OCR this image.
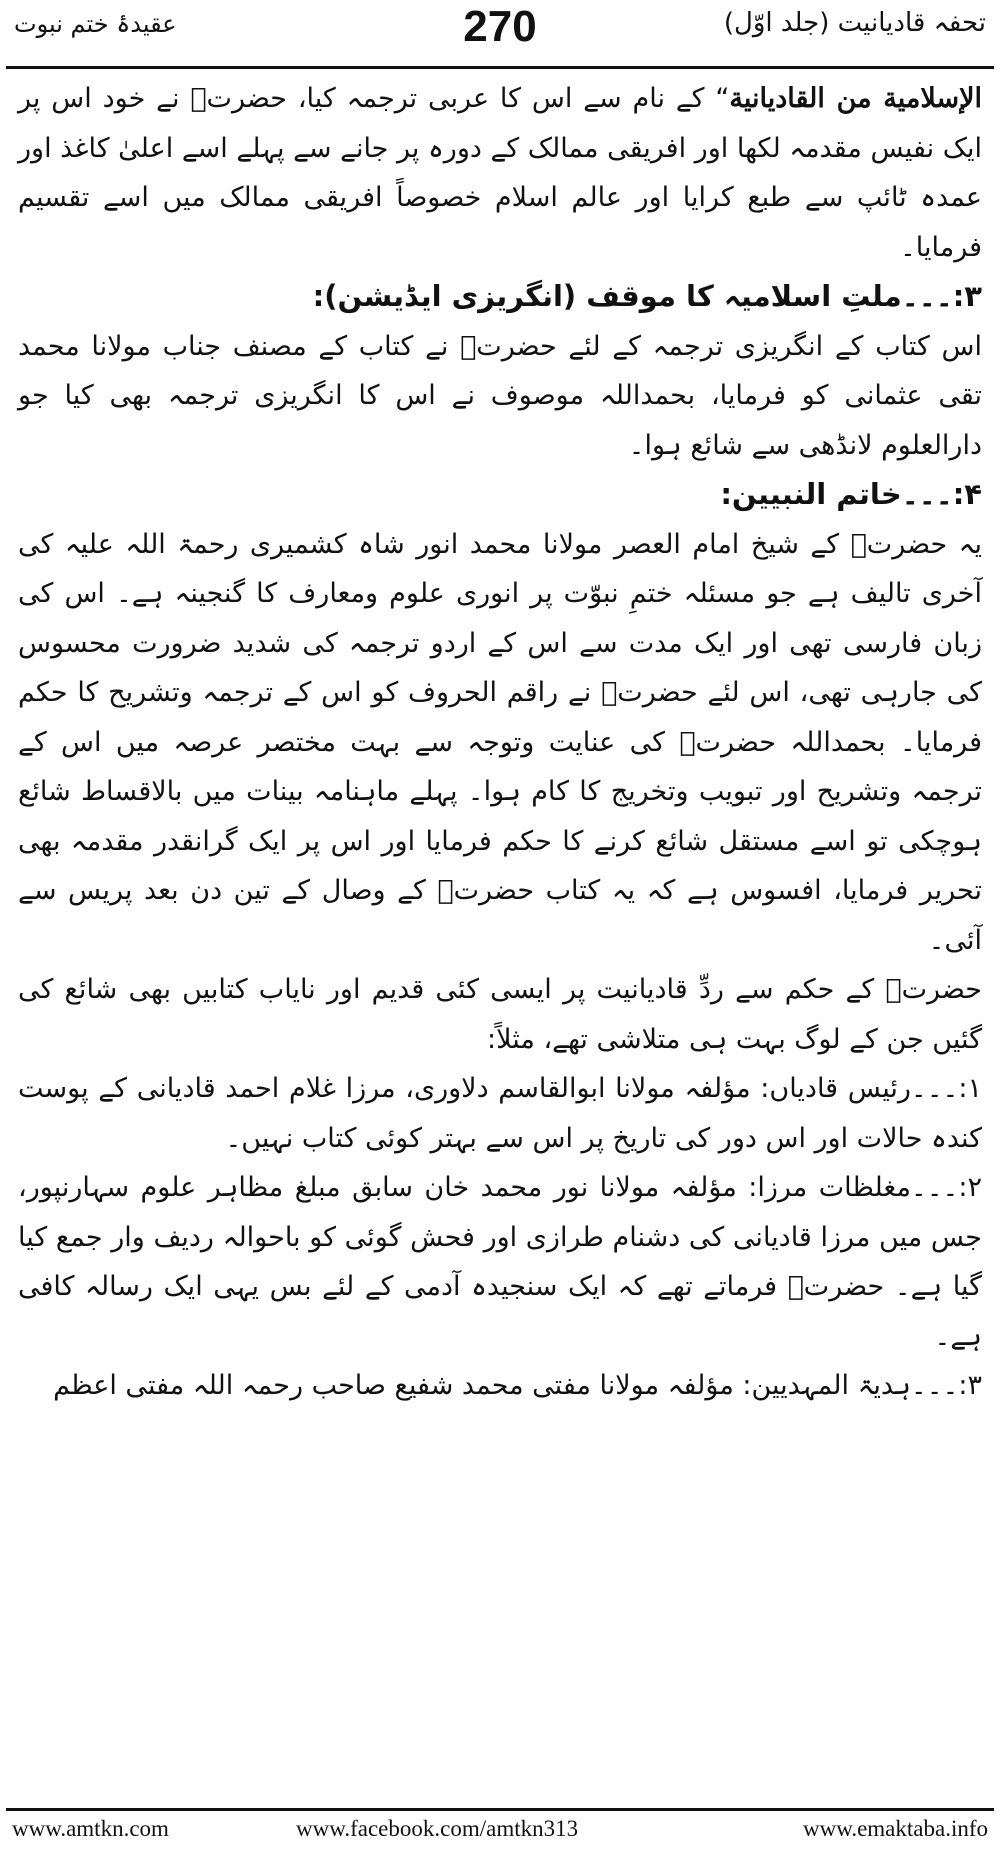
تحفہ قادیانیت (جلد اوّل)
270
عقیدۂ ختم نبوت

الإسلامية من القاديانية“ کے نام سے اس کا عربی ترجمہ کیا، حضرتؒ نے خود اس پر ایک نفیس مقدمہ لکھا اور افریقی ممالک کے دورہ پر جانے سے پہلے اسے اعلیٰ کاغذ اور عمدہ ٹائپ سے طبع کرایا اور عالم اسلام خصوصاً افریقی ممالک میں اسے تقسیم فرمایا۔

۳:۔۔۔ملتِ اسلامیہ کا موقف (انگریزی ایڈیشن):

اس کتاب کے انگریزی ترجمہ کے لئے حضرتؒ نے کتاب کے مصنف جناب مولانا محمد تقی عثمانی کو فرمایا، بحمداللہ موصوف نے اس کا انگریزی ترجمہ بھی کیا جو دارالعلوم لانڈھی سے شائع ہوا۔

۴:۔۔۔خاتم النبیین:

یہ حضرتؒ کے شیخ امام العصر مولانا محمد انور شاہ کشمیری رحمۃ اللہ علیہ کی آخری تالیف ہے جو مسئلہ ختمِ نبوّت پر انوری علوم ومعارف کا گنجینہ ہے۔ اس کی زبان فارسی تھی اور ایک مدت سے اس کے اردو ترجمہ کی شدید ضرورت محسوس کی جارہی تھی، اس لئے حضرتؒ نے راقم الحروف کو اس کے ترجمہ وتشریح کا حکم فرمایا۔ بحمداللہ حضرتؒ کی عنایت وتوجہ سے بہت مختصر عرصہ میں اس کے ترجمہ وتشریح اور تبویب وتخریج کا کام ہوا۔ پہلے ماہنامہ بینات میں بالاقساط شائع ہوچکی تو اسے مستقل شائع کرنے کا حکم فرمایا اور اس پر ایک گرانقدر مقدمہ بھی تحریر فرمایا، افسوس ہے کہ یہ کتاب حضرتؒ کے وصال کے تین دن بعد پریس سے آئی۔

حضرتؒ کے حکم سے ردِّ قادیانیت پر ایسی کئی قدیم اور نایاب کتابیں بھی شائع کی گئیں جن کے لوگ بہت ہی متلاشی تھے، مثلاً:

۱:۔۔۔رئیس قادیاں: مؤلفہ مولانا ابوالقاسم دلاوری، مرزا غلام احمد قادیانی کے پوست کندہ حالات اور اس دور کی تاریخ پر اس سے بہتر کوئی کتاب نہیں۔

۲:۔۔۔مغلظات مرزا: مؤلفہ مولانا نور محمد خان سابق مبلغ مظاہر علوم سہارنپور، جس میں مرزا قادیانی کی دشنام طرازی اور فحش گوئی کو باحوالہ ردیف وار جمع کیا گیا ہے۔ حضرتؒ فرماتے تھے کہ ایک سنجیدہ آدمی کے لئے بس یہی ایک رسالہ کافی ہے۔

۳:۔۔۔ہدیۃ المہدیین: مؤلفہ مولانا مفتی محمد شفیع صاحب رحمہ اللہ مفتی اعظم

www.amtkn.com	www.facebook.com/amtkn313	www.emaktaba.info
